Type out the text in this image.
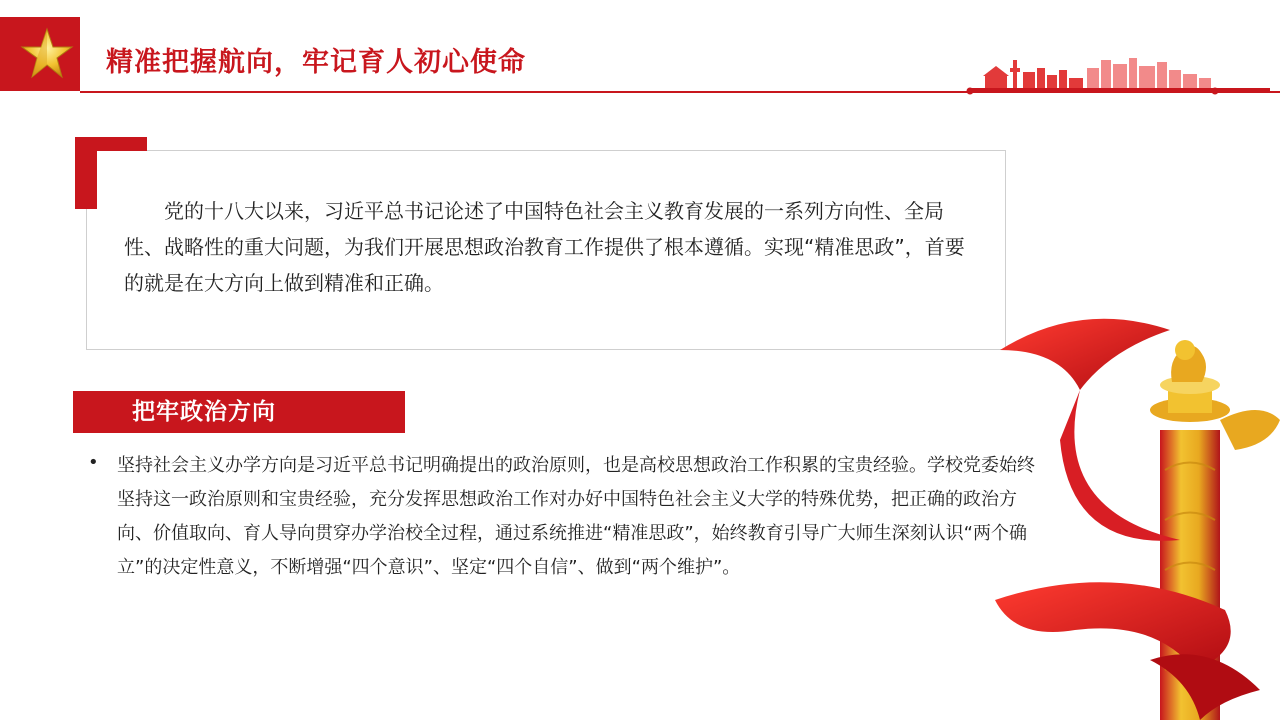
精准把握航向，牢记育人初心使命
党的十八大以来，习近平总书记论述了中国特色社会主义教育发展的一系列方向性、全局性、战略性的重大问题，为我们开展思想政治教育工作提供了根本遵循。实现“精准思政”，首要的就是在大方向上做到精准和正确。
把牢政治方向
• 坚持社会主义办学方向是习近平总书记明确提出的政治原则，也是高校思想政治工作积累的宝贵经验。学校党委始终坚持这一政治原则和宝贵经验，充分发挥思想政治工作对办好中国特色社会主义大学的特殊优势，把正确的政治方向、价值取向、育人导向贯穿办学治校全过程，通过系统推进“精准思政”，始终教育引导广大师生深刻认识“两个确立”的决定性意义，不断增强“四个意识”、坚定“四个自信”、做到“两个维护”。
